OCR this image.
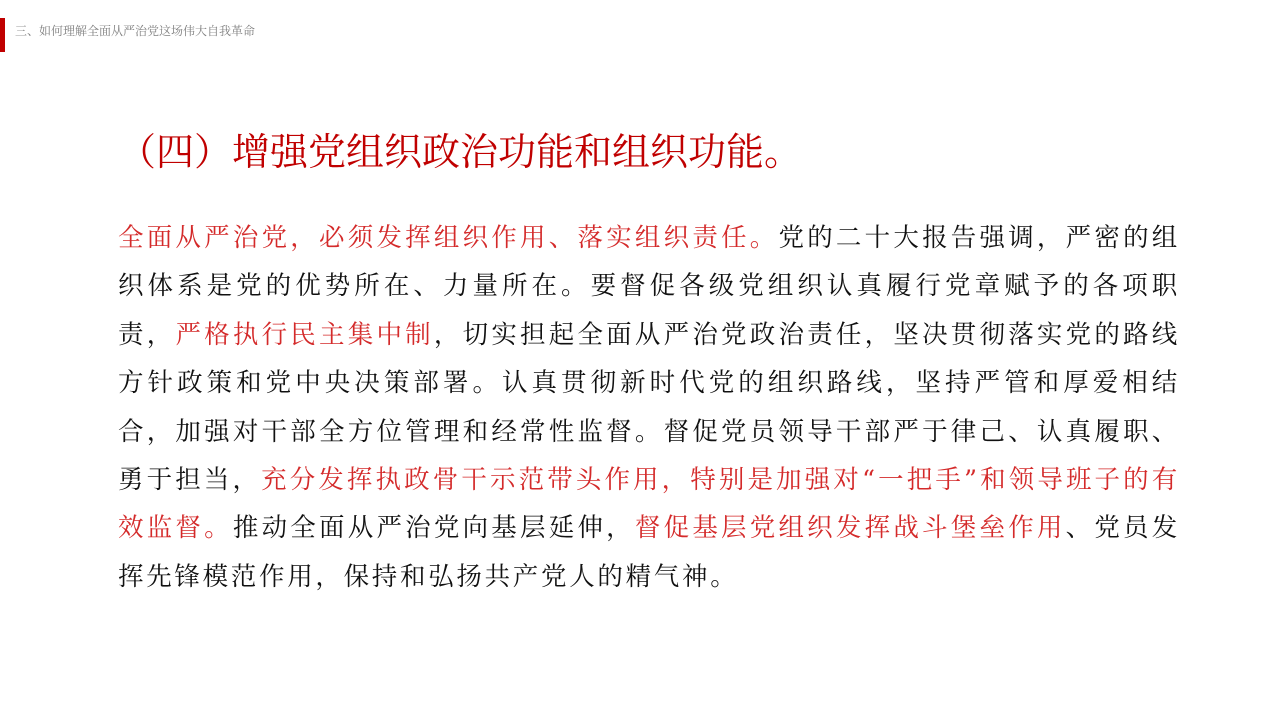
三、如何理解全面从严治党这场伟大自我革命
（四）增强党组织政治功能和组织功能。
全面从严治党，必须发挥组织作用、落实组织责任。党的二十大报告强调，严密的组织体系是党的优势所在、力量所在。要督促各级党组织认真履行党章赋予的各项职责，严格执行民主集中制，切实担起全面从严治党政治责任，坚决贯彻落实党的路线方针政策和党中央决策部署。认真贯彻新时代党的组织路线，坚持严管和厚爱相结合，加强对干部全方位管理和经常性监督。督促党员领导干部严于律己、认真履职、勇于担当，充分发挥执政骨干示范带头作用，特别是加强对“一把手”和领导班子的有效监督。推动全面从严治党向基层延伸，督促基层党组织发挥战斗堡垒作用、党员发挥先锋模范作用，保持和弘扬共产党人的精气神。
